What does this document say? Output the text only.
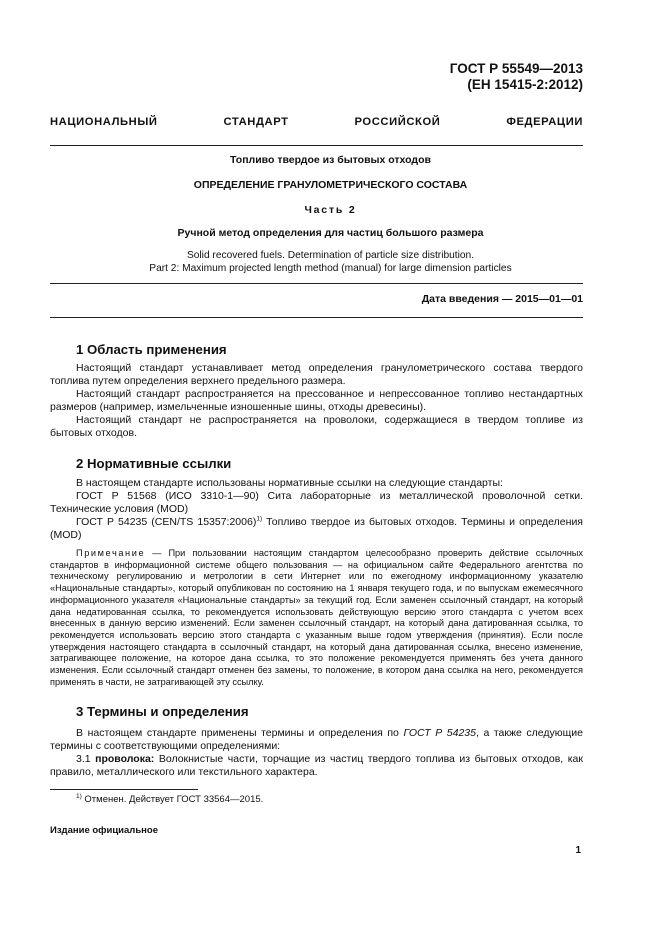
ГОСТ Р 55549—2013
(ЕН 15415-2:2012)
НАЦИОНАЛЬНЫЙ СТАНДАРТ РОССИЙСКОЙ ФЕДЕРАЦИИ
Топливо твердое из бытовых отходов
ОПРЕДЕЛЕНИЕ ГРАНУЛОМЕТРИЧЕСКОГО СОСТАВА
Часть 2
Ручной метод определения для частиц большого размера
Solid recovered fuels. Determination of particle size distribution.
Part 2: Maximum projected length method (manual) for large dimension particles
Дата введения — 2015—01—01
1 Область применения
Настоящий стандарт устанавливает метод определения гранулометрического состава твердого топлива путем определения верхнего предельного размера.
Настоящий стандарт распространяется на прессованное и непрессованное топливо нестандартных размеров (например, измельченные изношенные шины, отходы древесины).
Настоящий стандарт не распространяется на проволоки, содержащиеся в твердом топливе из бытовых отходов.
2 Нормативные ссылки
В настоящем стандарте использованы нормативные ссылки на следующие стандарты:
ГОСТ Р 51568 (ИСО 3310-1—90) Сита лабораторные из металлической проволочной сетки. Технические условия (MOD)
ГОСТ Р 54235 (CEN/TS 15357:2006)$^{1)}$ Топливо твердое из бытовых отходов. Термины и определения (MOD)
Примечание — При пользовании настоящим стандартом целесообразно проверить действие ссылочных стандартов в информационной системе общего пользования — на официальном сайте Федерального агентства по техническому регулированию и метрологии в сети Интернет или по ежегодному информационному указателю «Национальные стандарты», который опубликован по состоянию на 1 января текущего года, и по выпускам ежемесячного информационного указателя «Национальные стандарты» за текущий год. Если заменен ссылочный стандарт, на который дана недатированная ссылка, то рекомендуется использовать действующую версию этого стандарта с учетом всех внесенных в данную версию изменений. Если заменен ссылочный стандарт, на который дана датированная ссылка, то рекомендуется использовать версию этого стандарта с указанным выше годом утверждения (принятия). Если после утверждения настоящего стандарта в ссылочный стандарт, на который дана датированная ссылка, внесено изменение, затрагивающее положение, на которое дана ссылка, то это положение рекомендуется применять без учета данного изменения. Если ссылочный стандарт отменен без замены, то положение, в котором дана ссылка на него, рекомендуется применять в части, не затрагивающей эту ссылку.
3 Термины и определения
В настоящем стандарте применены термины и определения по ГОСТ Р 54235, а также следующие термины с соответствующими определениями:
3.1 проволока: Волокнистые части, торчащие из частиц твердого топлива из бытовых отходов, как правило, металлического или текстильного характера.
$^{1)}$ Отменен. Действует ГОСТ 33564—2015.
Издание официальное
1
